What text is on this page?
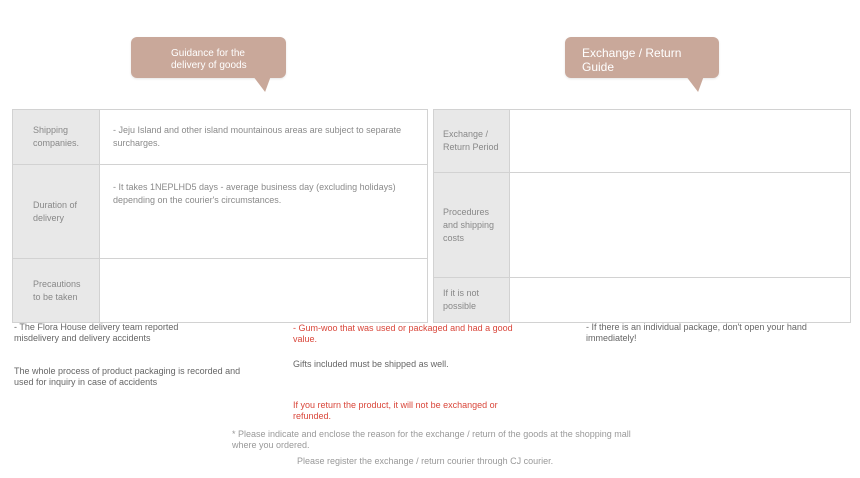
Guidance for the
delivery of goods
Exchange / Return
Guide
Shipping companies.	- Jeju Island and other island mountainous areas are subject to separate surcharges.
Duration of delivery	- It takes 1NEPLHD5 days - average business day (excluding holidays) depending on the courier's circumstances.
Precautions to be taken	
Exchange / Return Period	
Procedures and shipping costs	
If it is not possible	
- The Flora House delivery team reported misdelivery and delivery accidents
The whole process of product packaging is recorded and used for inquiry in case of accidents
- Gum-woo that was used or packaged and had a good value.
Gifts included must be shipped as well.
- If there is an individual package, don't open your hand immediately!
If you return the product, it will not be exchanged or refunded.
* Please indicate and enclose the reason for the exchange / return of the goods at the shopping mall where you ordered.
Please register the exchange / return courier through CJ courier.
